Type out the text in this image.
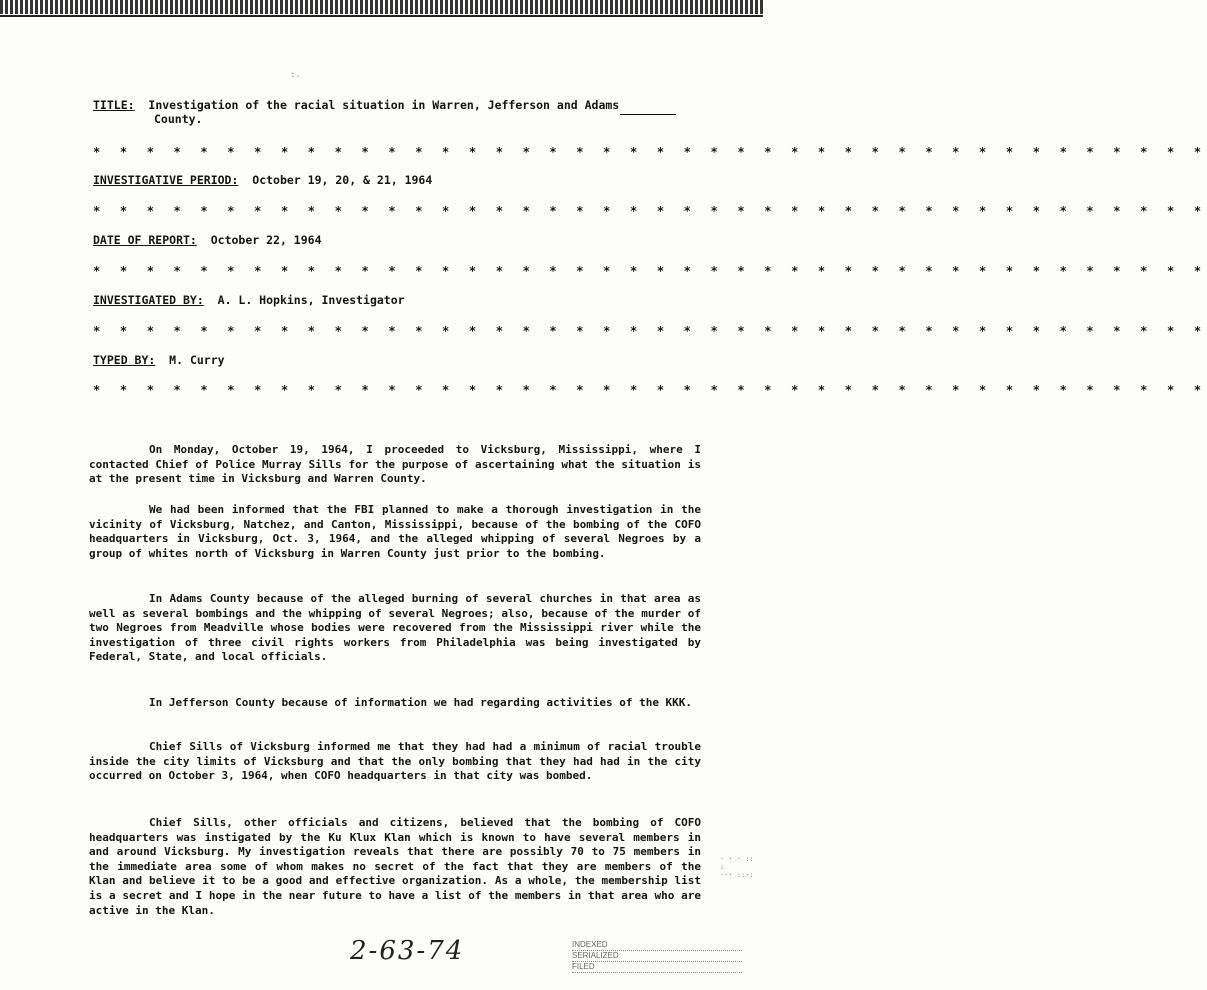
:.
TITLE: Investigation of the racial situation in Warren, Jefferson and Adams
County.
* * * * * * * * * * * * * * * * * * * * * * * * * * * * * * * * * * * * * * * * * *
INVESTIGATIVE PERIOD: October 19, 20, & 21, 1964
* * * * * * * * * * * * * * * * * * * * * * * * * * * * * * * * * * * * * * * * * *
DATE OF REPORT: October 22, 1964
* * * * * * * * * * * * * * * * * * * * * * * * * * * * * * * * * * * * * * * * * *
INVESTIGATED BY: A. L. Hopkins, Investigator
* * * * * * * * * * * * * * * * * * * * * * * * * * * * * * * * * * * * * * * * * *
TYPED BY: M. Curry
* * * * * * * * * * * * * * * * * * * * * * * * * * * * * * * * * * * * * * * * * *

On Monday, October 19, 1964, I proceeded to Vicksburg, Mississippi, where I contacted Chief of Police Murray Sills for the purpose of ascertaining what the situation is at the present time in Vicksburg and Warren County.

We had been informed that the FBI planned to make a thorough investigation in the vicinity of Vicksburg, Natchez, and Canton, Mississippi, because of the bombing of the COFO headquarters in Vicksburg, Oct. 3, 1964, and the alleged whipping of several Negroes by a group of whites north of Vicksburg in Warren County just prior to the bombing.

In Adams County because of the alleged burning of several churches in that area as well as several bombings and the whipping of several Negroes; also, because of the murder of two Negroes from Meadville whose bodies were recovered from the Mississippi river while the investigation of three civil rights workers from Philadelphia was being investigated by Federal, State, and local officials.

In Jefferson County because of information we had regarding activities of the KKK.

Chief Sills of Vicksburg informed me that they had had a minimum of racial trouble inside the city limits of Vicksburg and that the only bombing that they had had in the city occurred on October 3, 1964, when COFO headquarters in that city was bombed.

Chief Sills, other officials and citizens, believed that the bombing of COFO headquarters was instigated by the Ku Klux Klan which is known to have several members in and around Vicksburg. My investigation reveals that there are possibly 70 to 75 members in the immediate area some of whom makes no secret of the fact that they are members of the Klan and believe it to be a good and effective organization. As a whole, the membership list is a secret and I hope in the near future to have a list of the members in that area who are active in the Klan.

2-63-74	INDEXED
SERIALIZED
FILED
· · · :: :
··· ::·:
